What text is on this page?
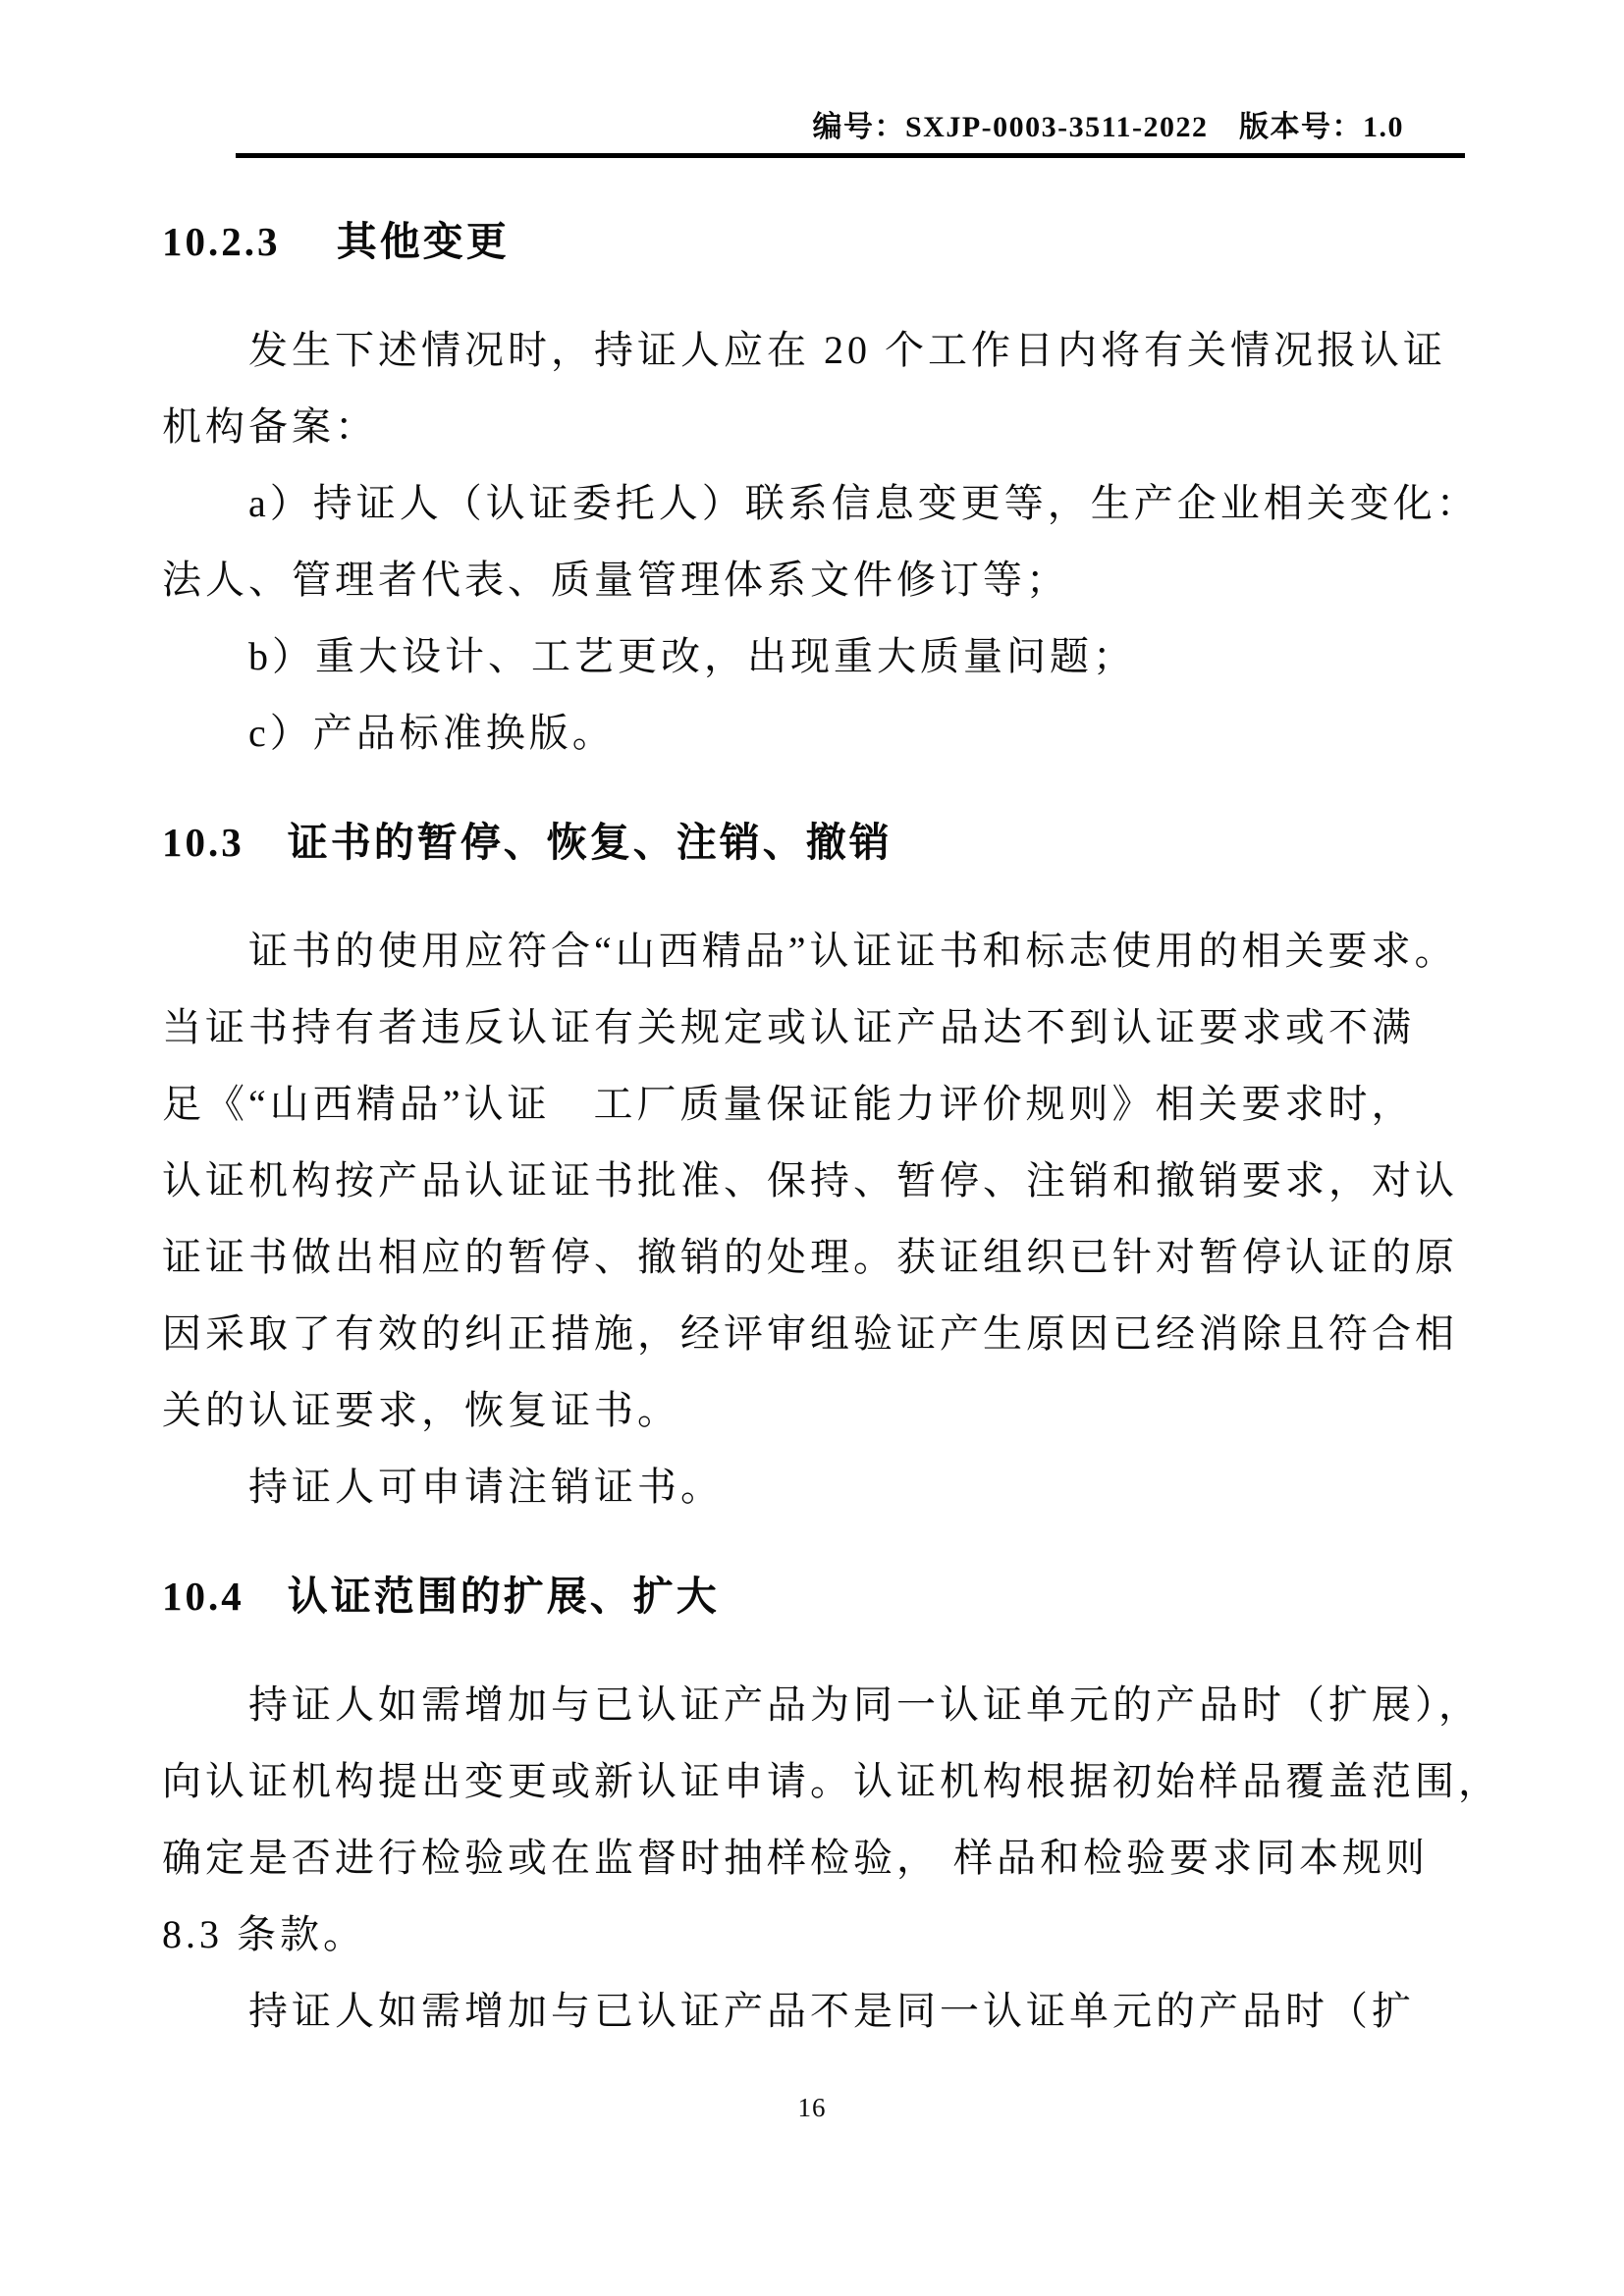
编号：SXJP-0003-3511-2022　版本号：1.0
10.2.3　 其他变更
发生下述情况时，持证人应在 20 个工作日内将有关情况报认证
机构备案：
a）持证人（认证委托人）联系信息变更等，生产企业相关变化：
法人、管理者代表、质量管理体系文件修订等；
b）重大设计、工艺更改，出现重大质量问题；
c）产品标准换版。
10.3　证书的暂停、恢复、注销、撤销
证书的使用应符合“山西精品”认证证书和标志使用的相关要求。
当证书持有者违反认证有关规定或认证产品达不到认证要求或不满
足《“山西精品”认证　工厂质量保证能力评价规则》相关要求时，
认证机构按产品认证证书批准、保持、暂停、注销和撤销要求，对认
证证书做出相应的暂停、撤销的处理。获证组织已针对暂停认证的原
因采取了有效的纠正措施，经评审组验证产生原因已经消除且符合相
关的认证要求，恢复证书。
持证人可申请注销证书。
10.4　认证范围的扩展、扩大
持证人如需增加与已认证产品为同一认证单元的产品时（扩展），
向认证机构提出变更或新认证申请。认证机构根据初始样品覆盖范围，
确定是否进行检验或在监督时抽样检验， 样品和检验要求同本规则
8.3 条款。
持证人如需增加与已认证产品不是同一认证单元的产品时（扩
16
